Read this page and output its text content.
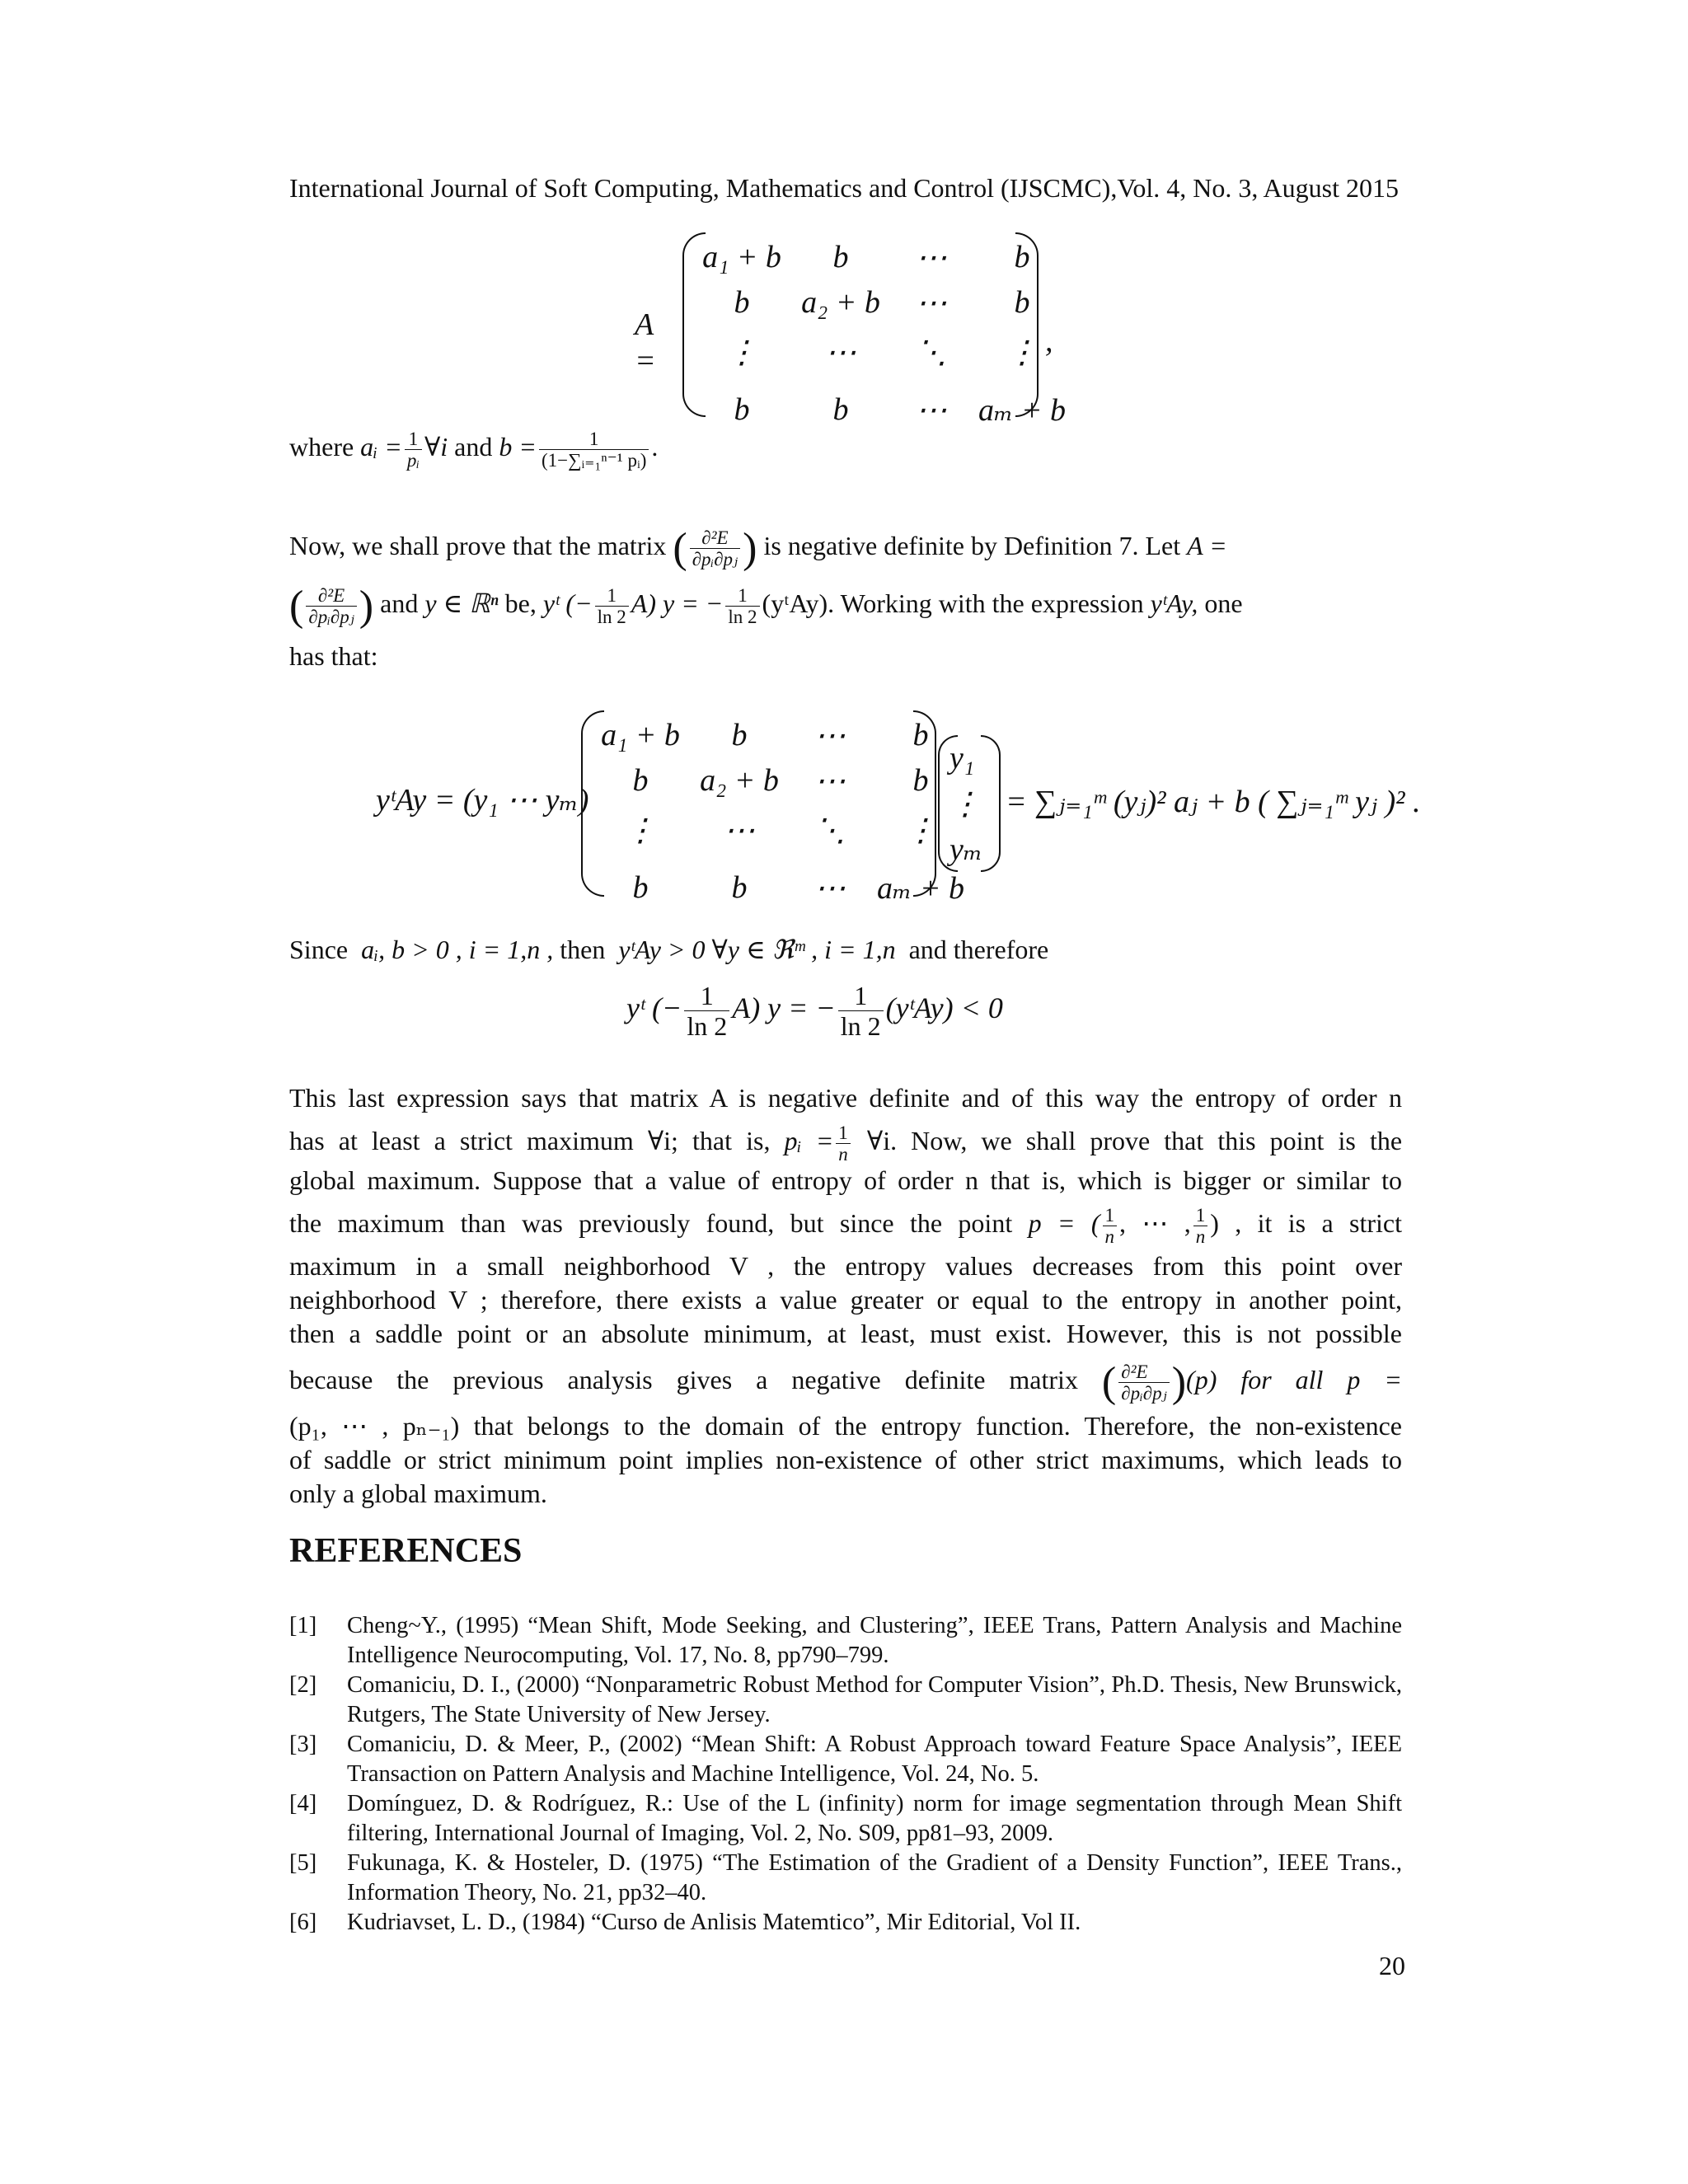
International Journal of Soft Computing, Mathematics and Control (IJSCMC),Vol. 4, No. 3, August 2015
A =
a₁ + b	b	⋯	b
b	a₂ + b	⋯	b
⋮	⋯	⋱	⋮
b	b	⋯	aₘ + b
,
where aᵢ = $\frac{1}{\text{pᵢ}}$ ∀i and $b = \frac{1}{\text{(1−∑ᵢ₌₁ⁿ⁻¹ pᵢ)}}$ .
Now, we shall prove that the matrix ( $\frac{\text{∂²E}}{\text{∂pᵢ∂pⱼ}}$ ) is negative definite by Definition 7. Let A =
( $\frac{\text{∂²E}}{\text{∂pᵢ∂pⱼ}}$ ) and y ∈ ℝⁿ be, yᵗ (− $\frac{1}{\ln 2} A$) y = − $\frac{1}{\ln 2}$ (yᵗAy). Working with the expression yᵗAy, one
has that:
yᵗAy = (y₁ ⋯ yₘ)
a₁ + b	b	⋯	b
b	a₂ + b	⋯	b
⋮	⋯	⋱	⋮
b	b	⋯	aₘ + b
y₁
⋮
yₘ
= ∑ⱼ₌₁ᵐ (yⱼ)² aⱼ + b ( ∑ⱼ₌₁ᵐ yⱼ )² .
Since aᵢ, b > 0 , i = 1,n , then yᵗAy > 0 ∀y ∈ ℜᵐ , i = 1,n and therefore
yᵗ (− $\frac{1}{\ln 2} A$) y = − $\frac{1}{\ln 2}$ (yᵗAy) < 0
This last expression says that matrix A is negative definite and of this way the entropy of order n
has at least a strict maximum ∀i; that is, pᵢ = $\frac{1}{n}$ ∀i. Now, we shall prove that this point is the
global maximum. Suppose that a value of entropy of order n that is, which is bigger or similar to
the maximum than was previously found, but since the point p = ( $\frac{1}{n}$ , ⋯ , $\frac{1}{n}$ ) , it is a strict
maximum in a small neighborhood V , the entropy values decreases from this point over
neighborhood V ; therefore, there exists a value greater or equal to the entropy in another point,
then a saddle point or an absolute minimum, at least, must exist. However, this is not possible
because the previous analysis gives a negative definite matrix ( $\frac{\text{∂²E}}{\text{∂pᵢ∂pⱼ}} )(p)$ for all p =
(p₁, ⋯ , pₙ₋₁) that belongs to the domain of the entropy function. Therefore, the non-existence
of saddle or strict minimum point implies non-existence of other strict maximums, which leads to
only a global maximum.
REFERENCES
[1] Cheng~Y., (1995) “Mean Shift, Mode Seeking, and Clustering”, IEEE Trans, Pattern Analysis and Machine Intelligence Neurocomputing, Vol. 17, No. 8, pp790–799.
[2] Comaniciu, D. I., (2000) “Nonparametric Robust Method for Computer Vision”, Ph.D. Thesis, New Brunswick, Rutgers, The State University of New Jersey.
[3] Comaniciu, D. & Meer, P., (2002) “Mean Shift: A Robust Approach toward Feature Space Analysis”, IEEE Transaction on Pattern Analysis and Machine Intelligence, Vol. 24, No. 5.
[4] Domínguez, D. & Rodríguez, R.: Use of the L (infinity) norm for image segmentation through Mean Shift filtering, International Journal of Imaging, Vol. 2, No. S09, pp81–93, 2009.
[5] Fukunaga, K. & Hosteler, D. (1975) “The Estimation of the Gradient of a Density Function”, IEEE Trans., Information Theory, No. 21, pp32–40.
[6] Kudriavset, L. D., (1984) “Curso de Anlisis Matemtico”, Mir Editorial, Vol II.
20
